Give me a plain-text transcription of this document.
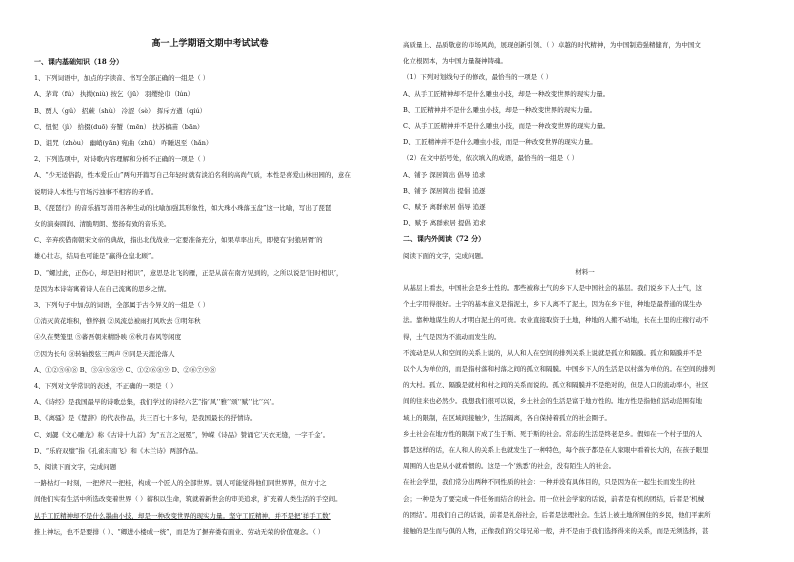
高一上学期语文期中考试试卷
一、课内基础知识（18 分）
1、下列词语中，加点的字读音、书写全部正确的一组是（ ）
A、茅茸（fú） 执拗(niù) 按乞（jū） 羽缨纶巾（lún）
B、贾人（gǔ） 招蕨（shù） 冷涩（sè） 挥斥方遒（qiú）
C、忸怩（jì） 拾掇(duō) 夯蟹（mēn） 扶苏槁苗（bān）
D、诅咒（zhòu） 幽峭(yān) 宛曲（zhū） 咋睡迟至（hǎn）
2、下列选项中，对诗歌内容理解和分析不正确的一项是（ ）
A、“少无适俗韵，性本爱丘山”两句开篇写自己年轻时就有淡泊名利的高尚气质，本性是喜爱山林田园的，意在
说明诗人本性与官场污浊事不相容的矛盾。
B、《琵琶行》的音乐描写善用各种生动的比喻加强其形象性，如大珠小珠落玉盘”这一比喻，写出了琵琶
女的演奏圆润、清脆明朗、悠扬有致的音乐美。
C、辛弃疾借南朝宋文帝的典故，指出北伐战业一定要准备充分，如果草率出兵，即使有‘封狼居胥’的
雄心壮志，结局也可能是“赢得仓皇北顾”。
D、“螺过此，正伤心，却是旧时相识”，意思是北飞的雁，正是从前在南方见到的，之所以说是‘旧时相识’，
是因为本诗寄寓着诗人在自己流寓的思乡之情。
3、下列句子中加点的词语，全部属于古今异义的一组是（ ）
①消灭黄花堆积，憔悴损 ②凤流总被雨打风吹去 ③明年秋
④久在樊笼里 ⑤蕃吾朝来精卧映 ⑥秋月春风等闲度
⑦因为长句 ⑧转轴拨弦三两声 ⑨同是天涯沦落人
A、①②⑤⑥⑧ B、③④⑤⑧⑨ C、①②⑥⑧⑨ D、②⑥⑦⑨⑧
4、下列对文学常识的表述，不正确的一项是（ ）
A、《诗经》是我国最早的诗歌总集，我们学过的诗经六艺“指‘风’‘雅’‘颂’‘赋’‘比’‘兴’。
B、《离骚》是《楚辞》的代表作品，共三百七十多句，是我国最长的抒情诗。
C、刘勰《文心雕龙》称《古诗十九首》为“五言之冠冕”，钟嵘《诗品》赞诵它‘天衣无缝，一字千金’。
D、“乐府双璧”指《孔雀东南飞》和《木兰诗》两部作品。
5、阅读下面文字，完成问题
一路枯灯一时刻，一把斧尺一把桂，构成一个匠人的全部世界。别人可能觉得他们同世界界，但方寸之
间他们实有生活中所选改变着世界（ ）蓄积以生命，筑就着新世会的审美追求，扩充着人类生活的手空间。
从手工匠精神却不是什么墨曲小技，却是一种改变世界的现实力量。坚守工匠精神，并不是把‘祥手工数’
推上神坛，也不是要排（ ）、“卿进小楼成一统”，而是为了摒弃娄有面业、劳动无荣的价值观念。（ ）
高质量上、品质敬意的市场风尚，展现创新引领、（ ）卓越的时代精神，为中国制造强精健育，为中国文
化立根固本，为中国力量凝神铸魂。
（1）下列对划线句子的修改，最恰当的一项是（ ）
A、从手工匠精神却不是什么雕虫小技，却是一种改变世界的现实力量。
B、工匠精神并不是什么雕虫小技，却是一种改变世界的现实力量。
C、从手工匠精神并不是什么雕虫小技，而是一种改变世界的现实力量。
D、工匠精神并不是什么雕虫小技，而是一种改变世界的现实力量。
（2）在文中括号处，依次填入的成语，最恰当的一组是（ ）
A、铺予 深居简出 倡导 追求
B、铺予 深居简出 提倡 追逐
C、赋予 离群索居 倡导 追逐
D、赋予 离群索居 提倡 追求
二、课内外阅读（72 分）
阅读下面的文字，完成问题。
材料一
从基层上看去，中国社会是乡土性的。那些被称土气的乡下人是中国社会的基层。我们说乡下人土气，这
个土字用得很好。土字的基本意义是指泥土，乡下人离不了泥土，因为在乡下住，种地是最普通的谋生办
法。靠种地谋生的人才明白泥土的可贵。农业直接取资于土地，种地的人搬不动地，长在土里的庄稼行动不
得，土气是因为不流动而发生的。
不流动是从人和空间的关系上说的，从人和人在空间的排列关系上说就是孤立和隔膜。孤立和隔膜并不是
以个人为单位的，而是指村落和村落之间的孤立和隔膜。中国乡下人的生活是以村落为单位的。在空间的排列
的大村。孤立、隔膜是就村和村之间的关系而说的。孤立和隔膜并不是绝对的，但是人口的流动率小，社区
间的往来也必然少。我想我们很可以说，乡土社会的生活是富于地方性的。地方性是指他们活动范围有地
域上的限制，在区域间接触少，生活隔离，各自保持着孤立的社会圈子。
乡土社会在地方性的限制下成了生于斯、死于斯的社会。常态的生活是终老是乡。假如在一个村子里的人
都是这样的话，在人和人的关系上也就发生了一种特色，每个孩子都是在人家眼中看着长大的，在孩子眼里
周围的人也是从小就看惯的。这是一个‘熟悉’的社会，没有陌生人的社会。
在社会学里，我们常分出两种不同性质的社会：一种并没有具体目的，只是因为在一起生长而发生的社
会；一种是为了要完成一件任务而结合的社会。用一位社会学家的话说，前者是有机的团结，后者是‘机械
的团结’。用我们自己的话说，前者是礼俗社会，后者是法理社会。生活上被土地所囿住的乡民，他们平素所
接触的是生而与俱的人物，正像我们的父母兄弟一般，并不是由于我们选择得来的关系，而是无须选择，甚
